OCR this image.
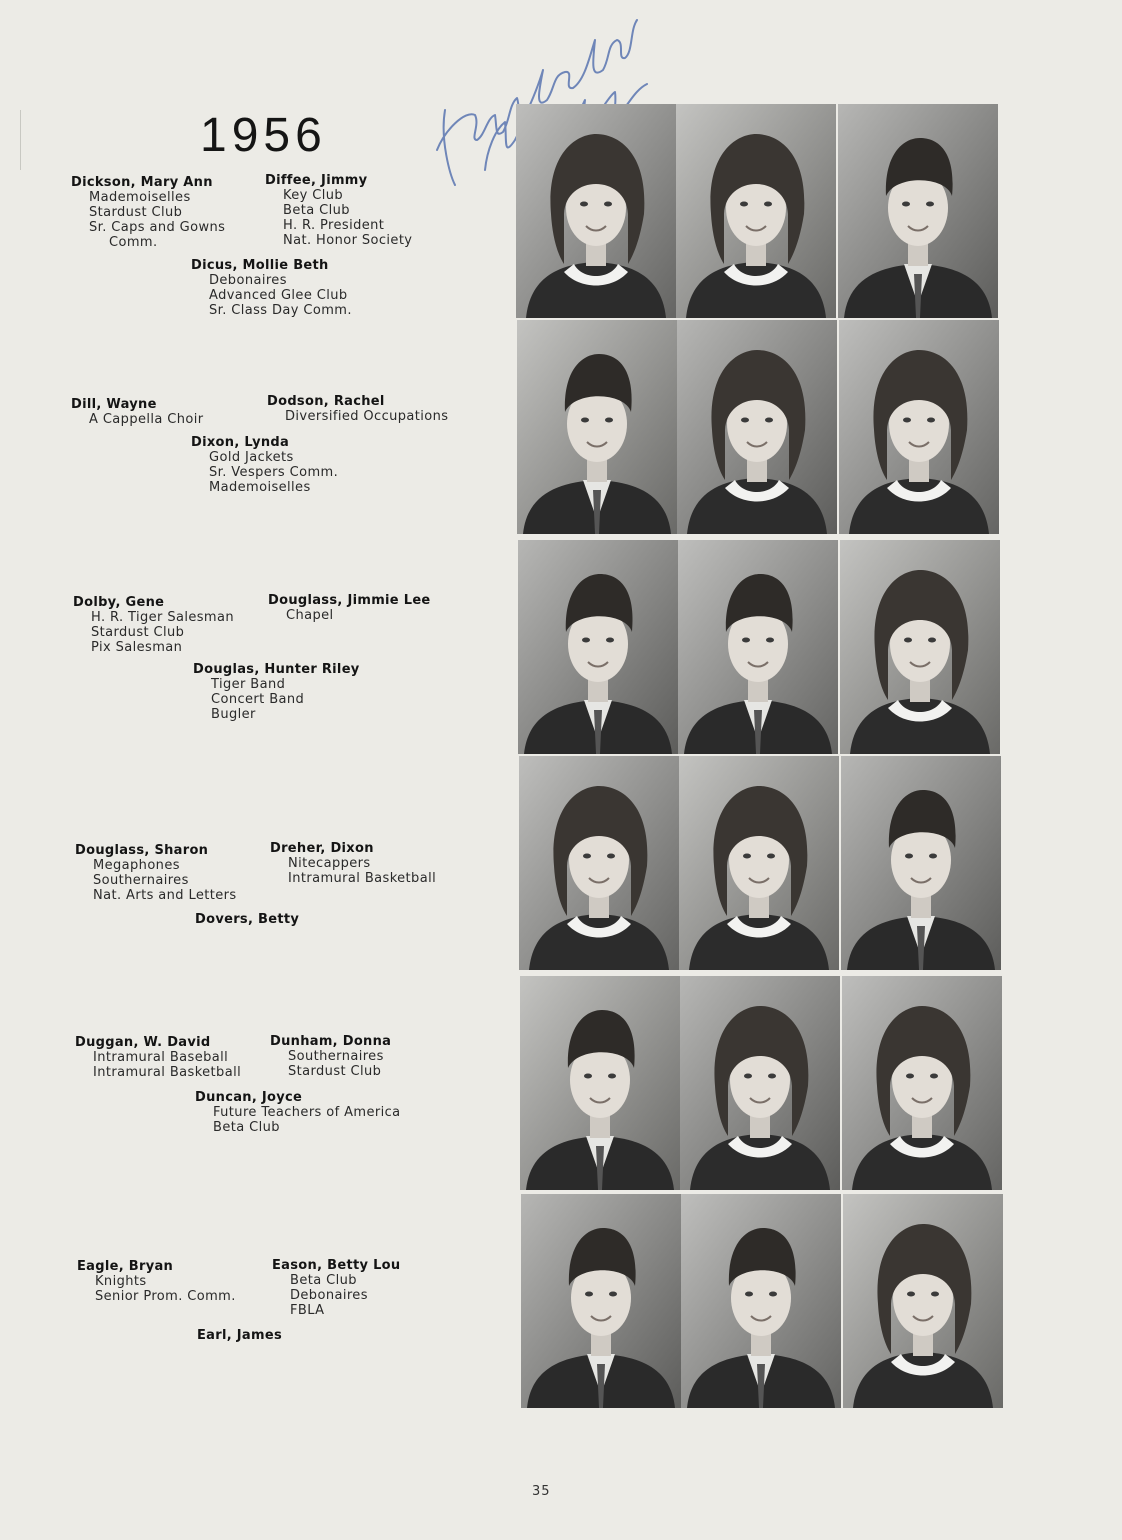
1956
Dickson, Mary Ann
Mademoiselles
Stardust Club
Sr. Caps and Gowns
Comm.
Diffee, Jimmy
Key Club
Beta Club
H. R. President
Nat. Honor Society
Dicus, Mollie Beth
Debonaires
Advanced Glee Club
Sr. Class Day Comm.
Dill, Wayne
A Cappella Choir
Dodson, Rachel
Diversified Occupations
Dixon, Lynda
Gold Jackets
Sr. Vespers Comm.
Mademoiselles
Dolby, Gene
H. R. Tiger Salesman
Stardust Club
Pix Salesman
Douglass, Jimmie Lee
Chapel
Douglas, Hunter Riley
Tiger Band
Concert Band
Bugler
Douglass, Sharon
Megaphones
Southernaires
Nat. Arts and Letters
Dreher, Dixon
Nitecappers
Intramural Basketball
Dovers, Betty
Duggan, W. David
Intramural Baseball
Intramural Basketball
Dunham, Donna
Southernaires
Stardust Club
Duncan, Joyce
Future Teachers of America
Beta Club
Eagle, Bryan
Knights
Senior Prom. Comm.
Eason, Betty Lou
Beta Club
Debonaires
FBLA
Earl, James
35
